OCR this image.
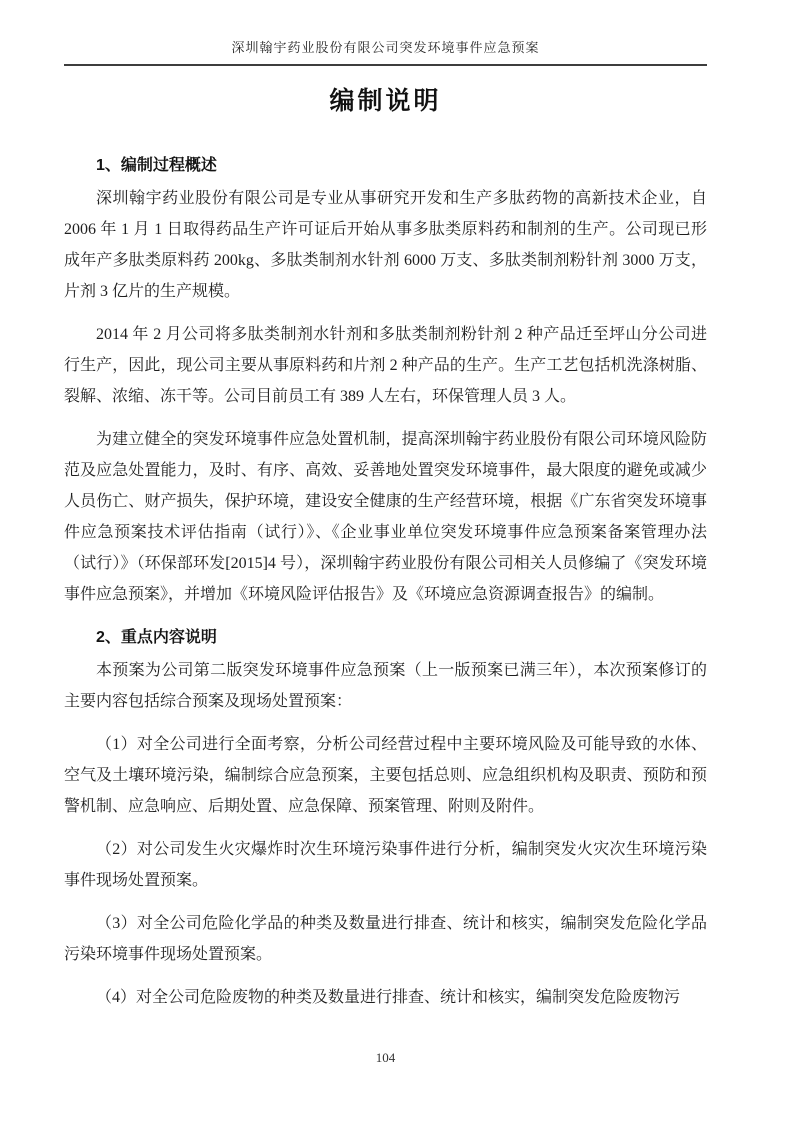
深圳翰宇药业股份有限公司突发环境事件应急预案
编制说明
1、编制过程概述
深圳翰宇药业股份有限公司是专业从事研究开发和生产多肽药物的高新技术企业，自 2006 年 1 月 1 日取得药品生产许可证后开始从事多肽类原料药和制剂的生产。公司现已形成年产多肽类原料药 200kg、多肽类制剂水针剂 6000 万支、多肽类制剂粉针剂 3000 万支，片剂 3 亿片的生产规模。
2014 年 2 月公司将多肽类制剂水针剂和多肽类制剂粉针剂 2 种产品迁至坪山分公司进行生产，因此，现公司主要从事原料药和片剂 2 种产品的生产。生产工艺包括机洗涤树脂、裂解、浓缩、冻干等。公司目前员工有 389 人左右，环保管理人员 3 人。
为建立健全的突发环境事件应急处置机制，提高深圳翰宇药业股份有限公司环境风险防范及应急处置能力，及时、有序、高效、妥善地处置突发环境事件，最大限度的避免或减少人员伤亡、财产损失，保护环境，建设安全健康的生产经营环境，根据《广东省突发环境事件应急预案技术评估指南（试行）》、《企业事业单位突发环境事件应急预案备案管理办法（试行）》（环保部环发[2015]4 号），深圳翰宇药业股份有限公司相关人员修编了《突发环境事件应急预案》，并增加《环境风险评估报告》及《环境应急资源调查报告》的编制。
2、重点内容说明
本预案为公司第二版突发环境事件应急预案（上一版预案已满三年），本次预案修订的主要内容包括综合预案及现场处置预案：
（1）对全公司进行全面考察，分析公司经营过程中主要环境风险及可能导致的水体、空气及土壤环境污染，编制综合应急预案，主要包括总则、应急组织机构及职责、预防和预警机制、应急响应、后期处置、应急保障、预案管理、附则及附件。
（2）对公司发生火灾爆炸时次生环境污染事件进行分析，编制突发火灾次生环境污染事件现场处置预案。
（3）对全公司危险化学品的种类及数量进行排查、统计和核实，编制突发危险化学品污染环境事件现场处置预案。
（4）对全公司危险废物的种类及数量进行排查、统计和核实，编制突发危险废物污
104
